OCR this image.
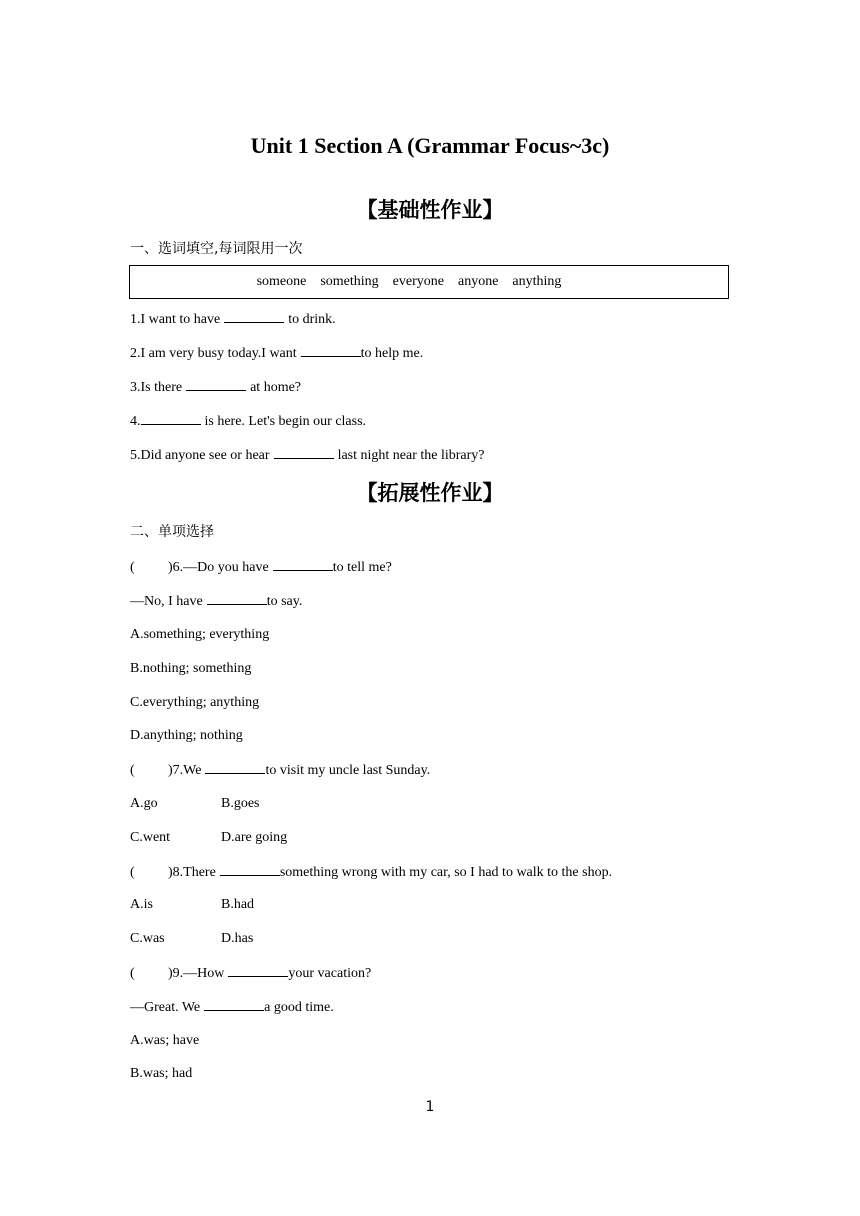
Unit 1 Section A (Grammar Focus~3c)
【基础性作业】
一、选词填空,每词限用一次
someone something everyone anyone anything
1.I want to have	to drink.
2.I am very busy today.I want	to help me.
3.Is there	at home?
4.	is here. Let's begin our class.
5.Did anyone see or hear	last night near the library?
【拓展性作业】
二、单项选择
( )6.—Do you have	to tell me?
—No, I have	to say.
A.something; everything
B.nothing; something
C.everything; anything
D.anything; nothing
( )7.We	to visit my uncle last Sunday.
A.go	B.goes
C.went	D.are going
( )8.There	something wrong with my car, so I had to walk to the shop.
A.is	B.had
C.was	D.has
( )9.—How	your vacation?
—Great. We	a good time.
A.was; have
B.was; had
1
